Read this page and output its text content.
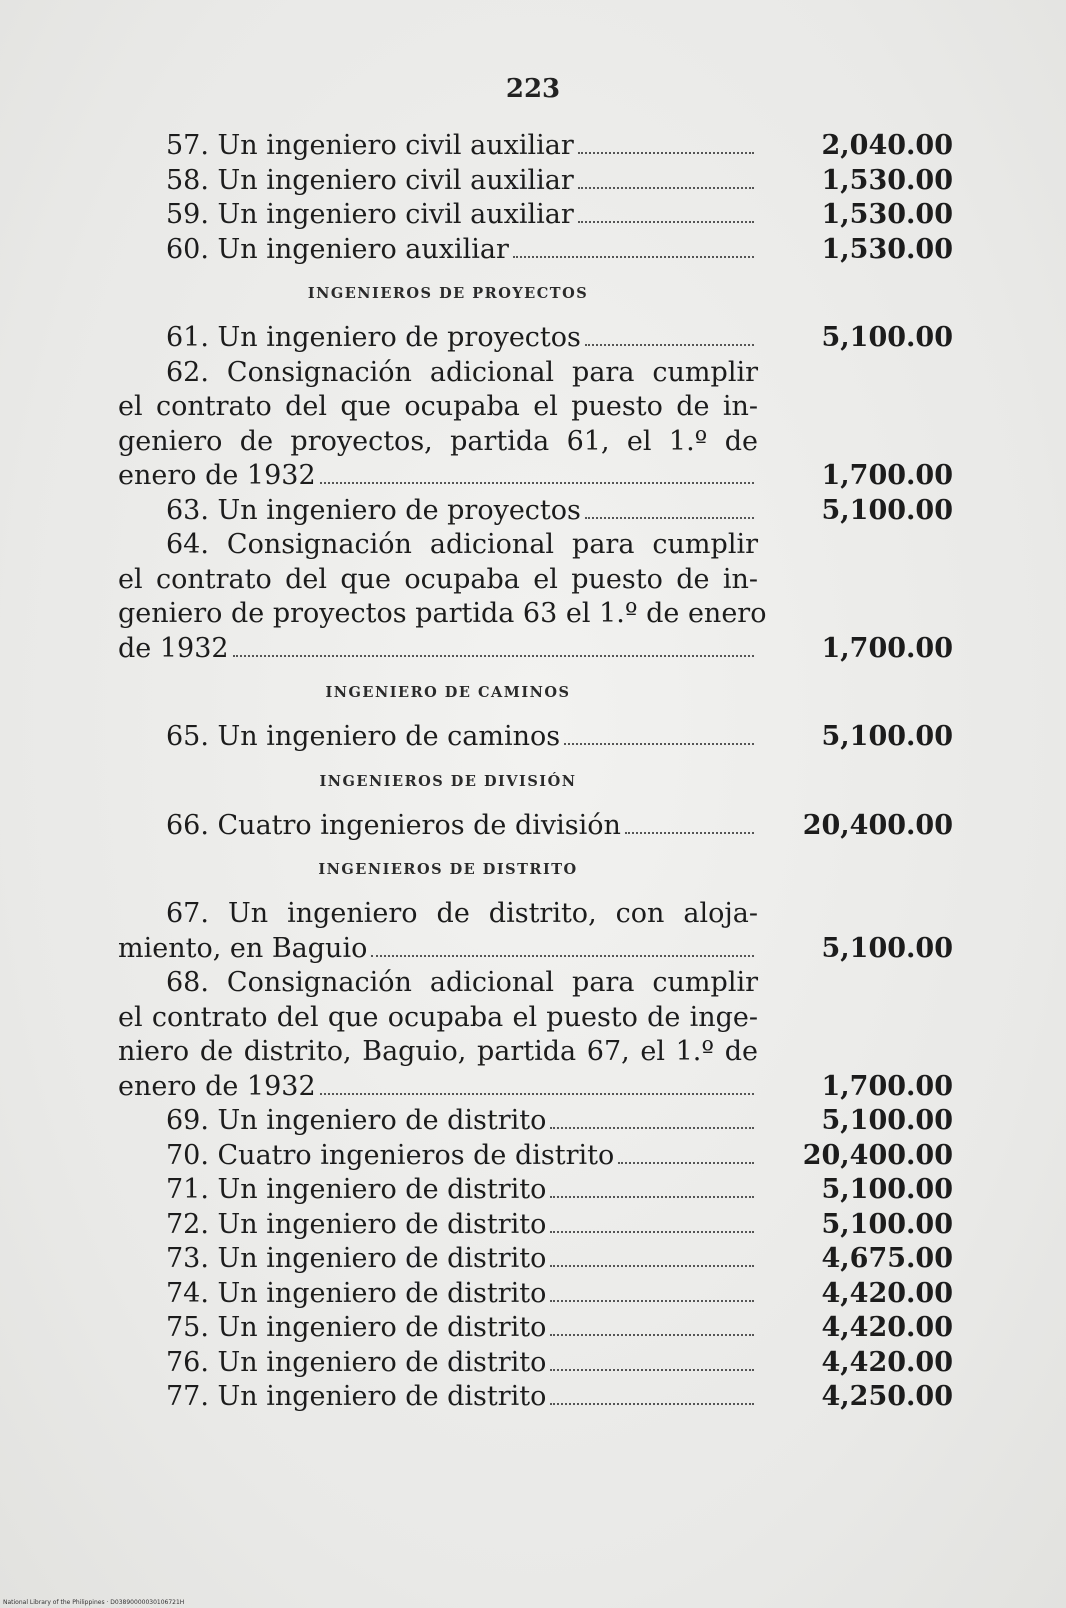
223
57. Un ingeniero civil auxiliar	2,040.00
58. Un ingeniero civil auxiliar	1,530.00
59. Un ingeniero civil auxiliar	1,530.00
60. Un ingeniero auxiliar	1,530.00
INGENIEROS DE PROYECTOS
61. Un ingeniero de proyectos	5,100.00
62. Consignación adicional para cumplir
el contrato del que ocupaba el puesto de in-
geniero de proyectos, partida 61, el 1.º de
enero de 1932	1,700.00
63. Un ingeniero de proyectos	5,100.00
64. Consignación adicional para cumplir
el contrato del que ocupaba el puesto de in-
geniero de proyectos partida 63 el 1.º de enero
de 1932	1,700.00
INGENIERO DE CAMINOS
65. Un ingeniero de caminos	5,100.00
INGENIEROS DE DIVISIÓN
66. Cuatro ingenieros de división	20,400.00
INGENIEROS DE DISTRITO
67. Un ingeniero de distrito, con aloja-
miento, en Baguio	5,100.00
68. Consignación adicional para cumplir
el contrato del que ocupaba el puesto de inge-
niero de distrito, Baguio, partida 67, el 1.º de
enero de 1932	1,700.00
69. Un ingeniero de distrito	5,100.00
70. Cuatro ingenieros de distrito	20,400.00
71. Un ingeniero de distrito	5,100.00
72. Un ingeniero de distrito	5,100.00
73. Un ingeniero de distrito	4,675.00
74. Un ingeniero de distrito	4,420.00
75. Un ingeniero de distrito	4,420.00
76. Un ingeniero de distrito	4,420.00
77. Un ingeniero de distrito	4,250.00
National Library of the Philippines · D03890000030106721H
